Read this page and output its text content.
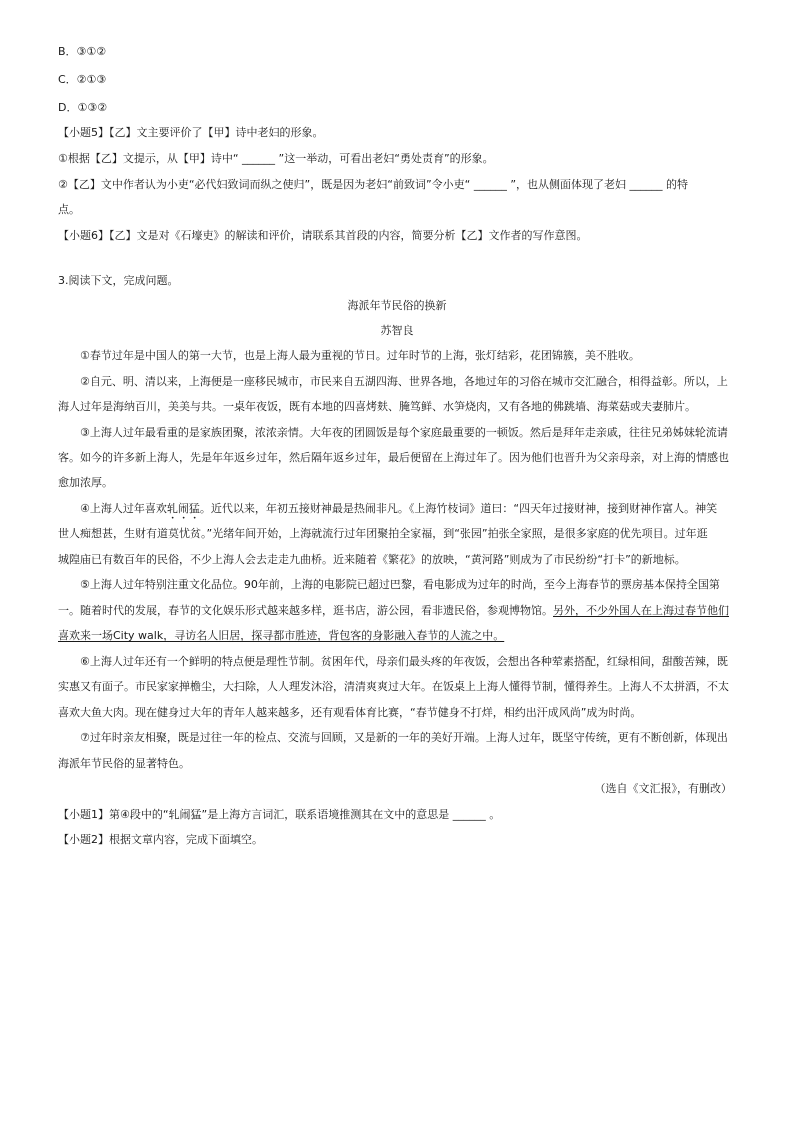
B．③①②
C．②①③
D．①③②
【小题5】【乙】文主要评价了【甲】诗中老妇的形象。
①根据【乙】文提示，从【甲】诗中“ ______ ”这一举动，可看出老妇“勇处责育”的形象。
②【乙】文中作者认为小吏“必代妇致词而纵之使归”，既是因为老妇“前致词”令小吏“ ______ ”，也从侧面体现了老妇 ______ 的特
点。
【小题6】【乙】文是对《石壕吏》的解读和评价，请联系其首段的内容，简要分析【乙】文作者的写作意图。
3.阅读下文，完成问题。
海派年节民俗的换新
苏智良
①春节过年是中国人的第一大节，也是上海人最为重视的节日。过年时节的上海，张灯结彩，花团锦簇，美不胜收。
②自元、明、清以来，上海便是一座移民城市，市民来自五湖四海、世界各地，各地过年的习俗在城市交汇融合，相得益彰。所以，上
海人过年是海纳百川，美美与共。一桌年夜饭，既有本地的四喜烤麸、腌笃鲜、水笋烧肉，又有各地的佛跳墙、海菜菇或夫妻肺片。
③上海人过年最看重的是家族团聚，浓浓亲情。大年夜的团圆饭是每个家庭最重要的一顿饭。然后是拜年走亲戚，往往兄弟姊妹轮流请
客。如今的许多新上海人，先是年年返乡过年，然后隔年返乡过年，最后便留在上海过年了。因为他们也晋升为父亲母亲，对上海的情感也
愈加浓厚。
④上海人过年喜欢轧闹猛。近代以来，年初五接财神最是热闹非凡。《上海竹枝词》道曰：“四天年过接财神，接到财神作富人。神笑
世人痴想甚，生财有道莫忧贫。”光绪年间开始，上海就流行过年团聚拍全家福，到“张园”拍张全家照，是很多家庭的优先项目。过年逛
城隍庙已有数百年的民俗，不少上海人会去走走九曲桥。近来随着《繁花》的放映，“黄河路”则成为了市民纷纷“打卡”的新地标。
⑤上海人过年特别注重文化品位。90年前，上海的电影院已超过巴黎，看电影成为过年的时尚，至今上海春节的票房基本保持全国第
一。随着时代的发展，春节的文化娱乐形式越来越多样，逛书店，游公园，看非遗民俗，参观博物馆。另外，不少外国人在上海过春节他们
喜欢来一场City walk，寻访名人旧居，探寻都市胜迹，背包客的身影融入春节的人流之中。
⑥上海人过年还有一个鲜明的特点便是理性节制。贫困年代，母亲们最头疼的年夜饭，会想出各种荤素搭配，红绿相间，甜酸苦辣，既
实惠又有面子。市民家家掸檐尘，大扫除，人人理发沐浴，清清爽爽过大年。在饭桌上上海人懂得节制，懂得养生。上海人不太拼酒，不太
喜欢大鱼大肉。现在健身过大年的青年人越来越多，还有观看体育比赛，“春节健身不打烊，相约出汗成风尚”成为时尚。
⑦过年时亲友相聚，既是过往一年的检点、交流与回顾，又是新的一年的美好开端。上海人过年，既坚守传统，更有不断创新，体现出
海派年节民俗的显著特色。
（选自《文汇报》，有删改）
【小题1】第④段中的“轧闹猛”是上海方言词汇，联系语境推测其在文中的意思是 ______ 。
【小题2】根据文章内容，完成下面填空。
